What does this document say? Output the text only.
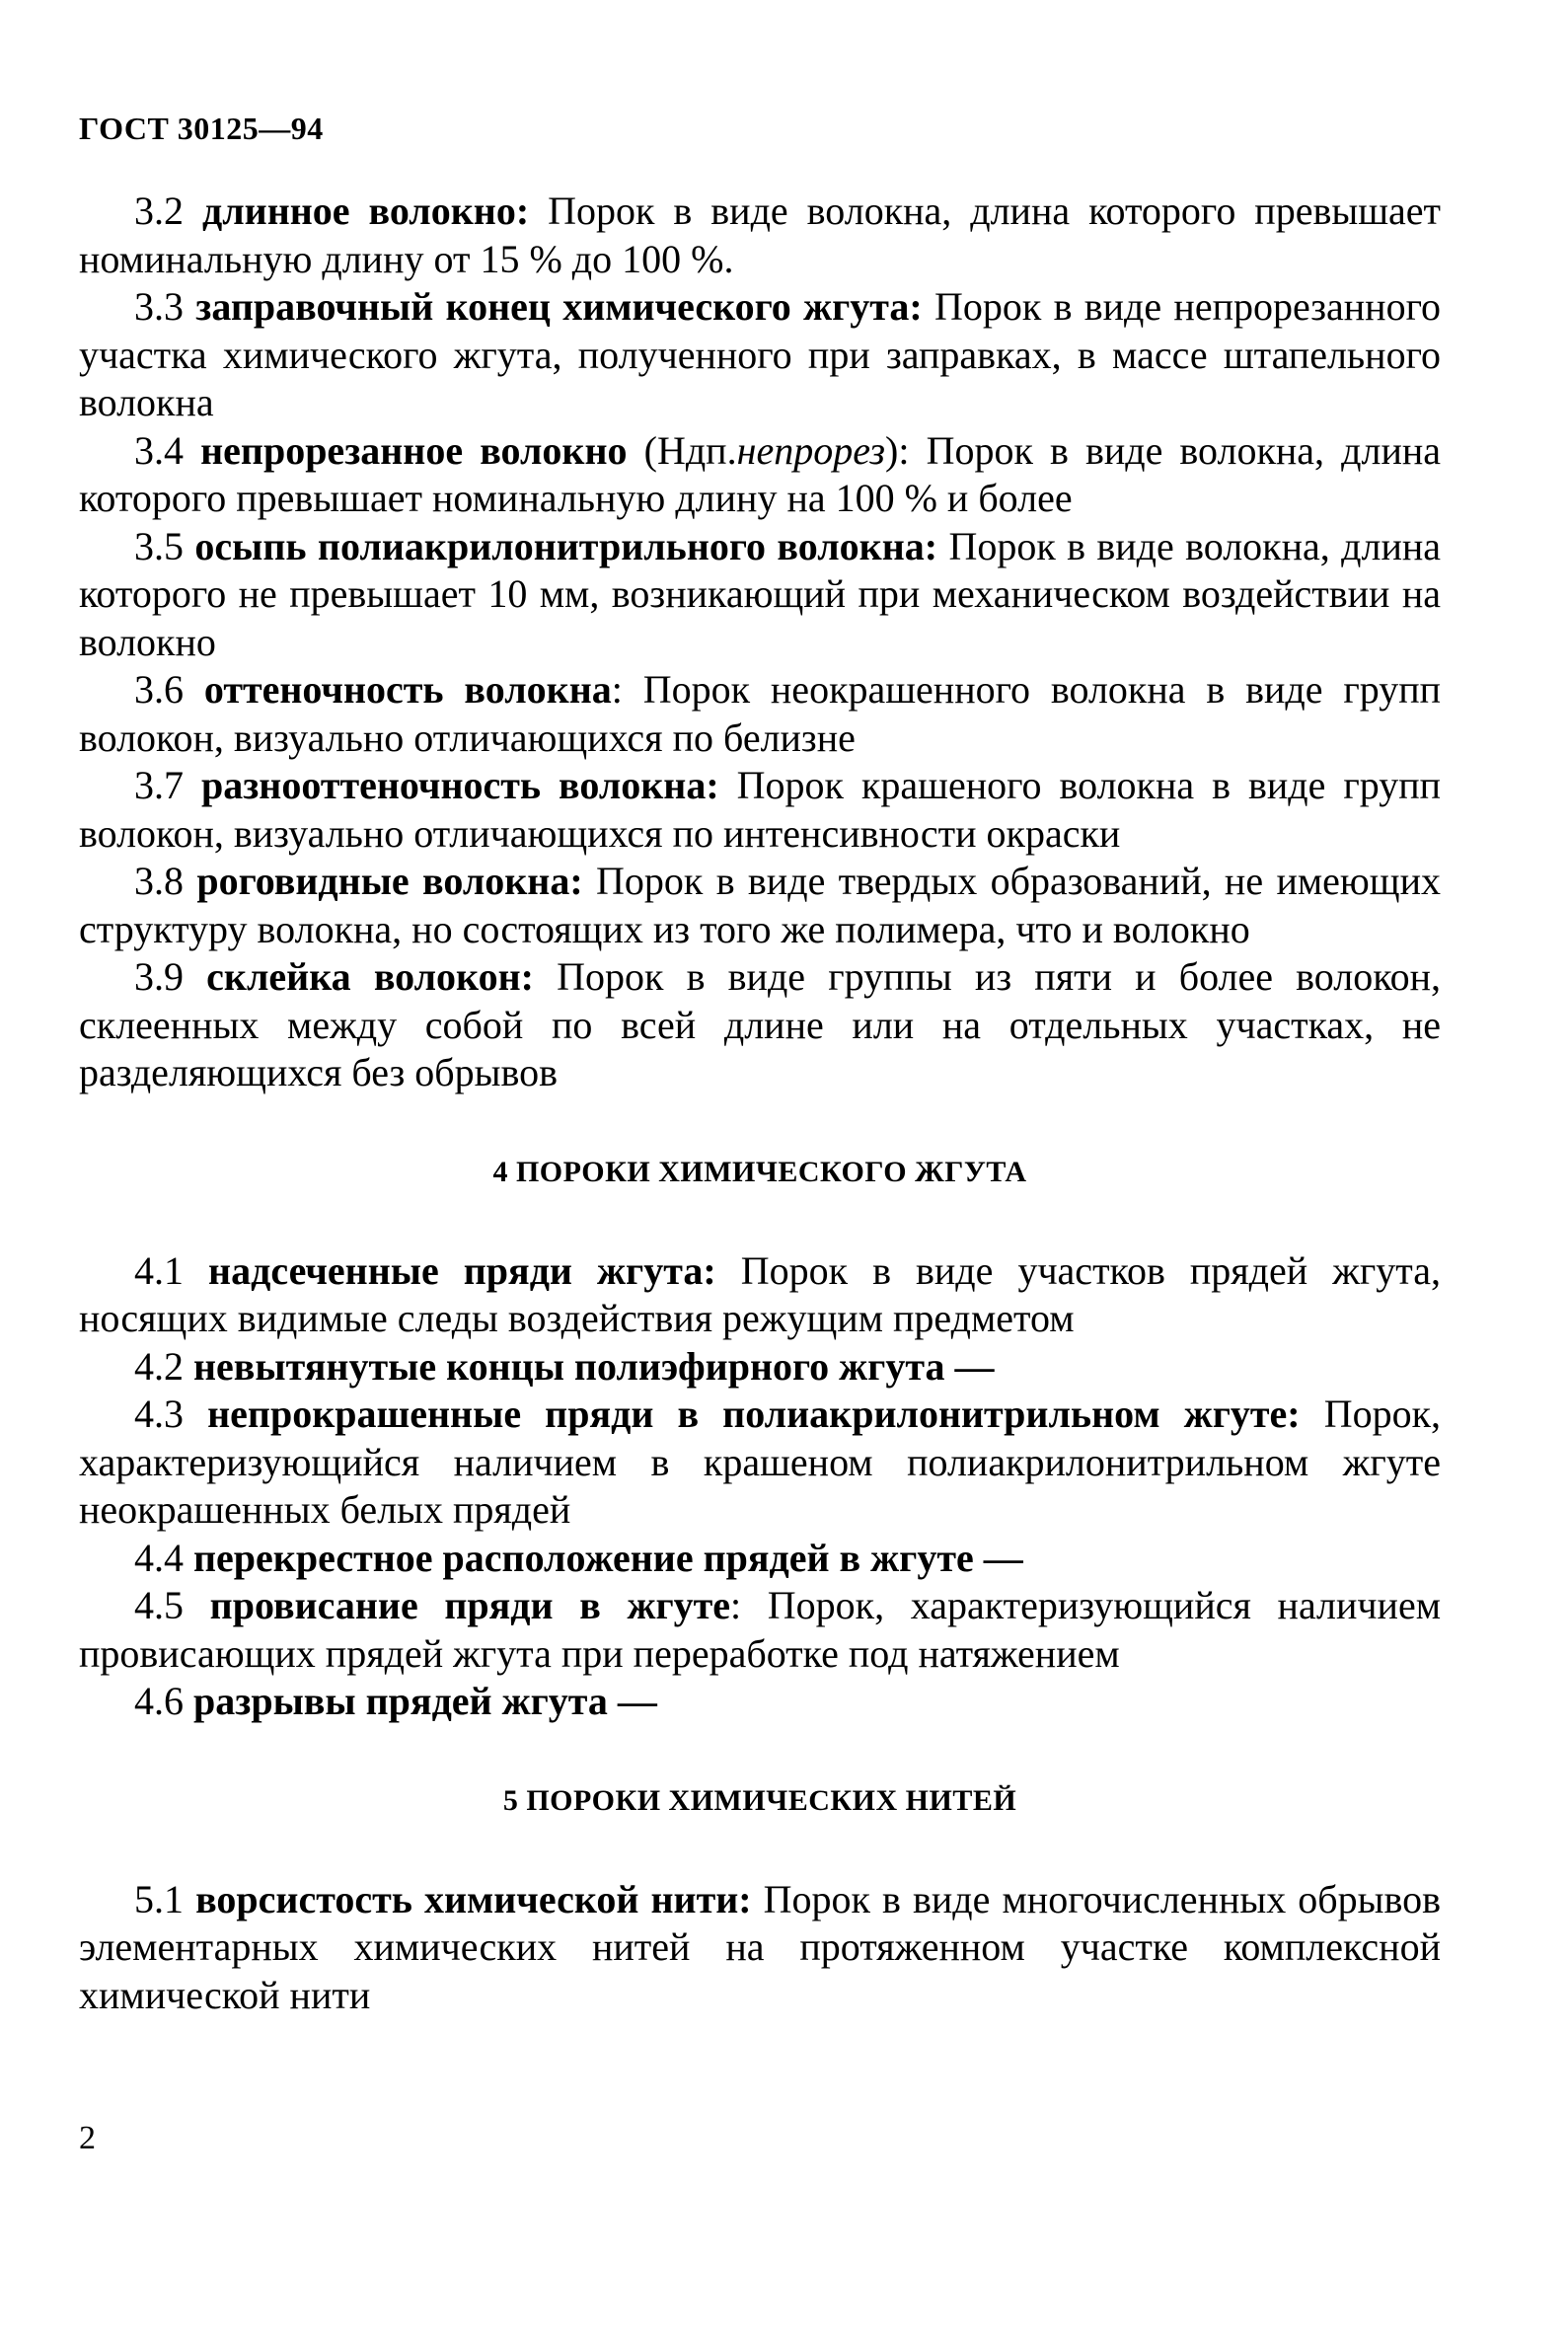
ГОСТ 30125—94

3.2 длинное волокно: Порок в виде волокна, длина которого превышает номинальную длину от 15 % до 100 %.

3.3 заправочный конец химического жгута: Порок в виде непрорезанного участка химического жгута, полученного при заправках, в массе штапельного волокна

3.4 непрорезанное волокно (Ндп.непрорез): Порок в виде волокна, длина которого превышает номинальную длину на 100 % и более

3.5 осыпь полиакрилонитрильного волокна: Порок в виде волокна, длина которого не превышает 10 мм, возникающий при механическом воздействии на волокно

3.6 оттеночность волокна: Порок неокрашенного волокна в виде групп волокон, визуально отличающихся по белизне

3.7 разнооттеночность волокна: Порок крашеного волокна в виде групп волокон, визуально отличающихся по интенсивности окраски

3.8 роговидные волокна: Порок в виде твердых образований, не имеющих структуру волокна, но состоящих из того же полимера, что и волокно

3.9 склейка волокон: Порок в виде группы из пяти и более волокон, склеенных между собой по всей длине или на отдельных участках, не разделяющихся без обрывов

4 ПОРОКИ ХИМИЧЕСКОГО ЖГУТА

4.1 надсеченные пряди жгута: Порок в виде участков прядей жгута, носящих видимые следы воздействия режущим предметом

4.2 невытянутые концы полиэфирного жгута —

4.3 непрокрашенные пряди в полиакрилонитрильном жгуте: Порок, характеризующийся наличием в крашеном полиакрилонитрильном жгуте неокрашенных белых прядей

4.4 перекрестное расположение прядей в жгуте —

4.5 провисание пряди в жгуте: Порок, характеризующийся наличием провисающих прядей жгута при переработке под натяжением

4.6 разрывы прядей жгута —

5 ПОРОКИ ХИМИЧЕСКИХ НИТЕЙ

5.1 ворсистость химической нити: Порок в виде многочисленных обрывов элементарных химических нитей на протяженном участке комплексной химической нити

2
